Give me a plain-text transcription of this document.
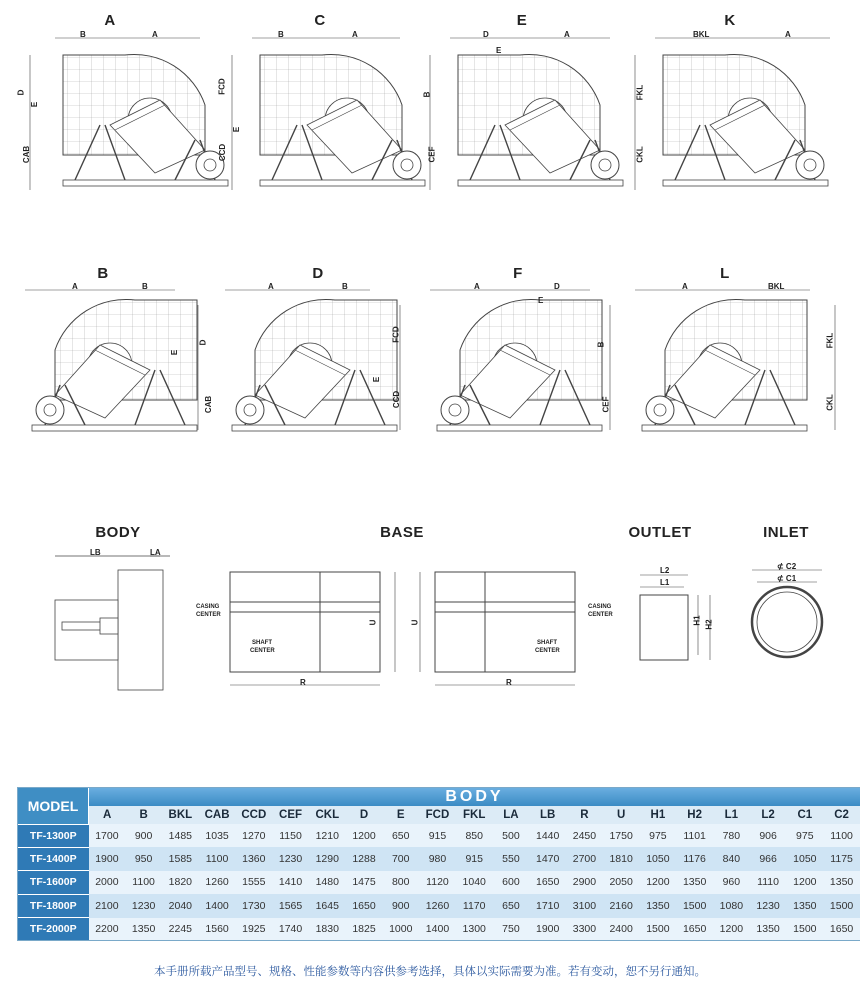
A	C	E	K
B	D	F	L
BODY	BASE	OUTLET	INLET
B	A
D
E
CAB
B	A
FCD
E
CCD
D	A
E
B
CEF
BKL	A
FKL
CKL
A	B
E
D
CAB
A	B
FCD
E
CCD
A	D
E
B
CEF
A	BKL
FKL
CKL
LB	LA
CASING
CENTER
SHAFT
CENTER
U
R
CASING
CENTER
SHAFT
CENTER
U
R
L2
L1
H1 H2
⊄ C2
⊄ C1
MODEL	BODY																				
	A	B	BKL	CAB	CCD	CEF	CKL	D	E	FCD	FKL	LA	LB	R	U	H1	H2	L1	L2	C1	C2
TF-1300P	1700	900	1485	1035	1270	1150	1210	1200	650	915	850	500	1440	2450	1750	975	1101	780	906	975	1100
TF-1400P	1900	950	1585	1100	1360	1230	1290	1288	700	980	915	550	1470	2700	1810	1050	1176	840	966	1050	1175
TF-1600P	2000	1100	1820	1260	1555	1410	1480	1475	800	1120	1040	600	1650	2900	2050	1200	1350	960	1110	1200	1350
TF-1800P	2100	1230	2040	1400	1730	1565	1645	1650	900	1260	1170	650	1710	3100	2160	1350	1500	1080	1230	1350	1500
TF-2000P	2200	1350	2245	1560	1925	1740	1830	1825	1000	1400	1300	750	1900	3300	2400	1500	1650	1200	1350	1500	1650
本手册所载产品型号、规格、性能参数等内容供参考选择，具体以实际需要为准。若有变动，恕不另行通知。
